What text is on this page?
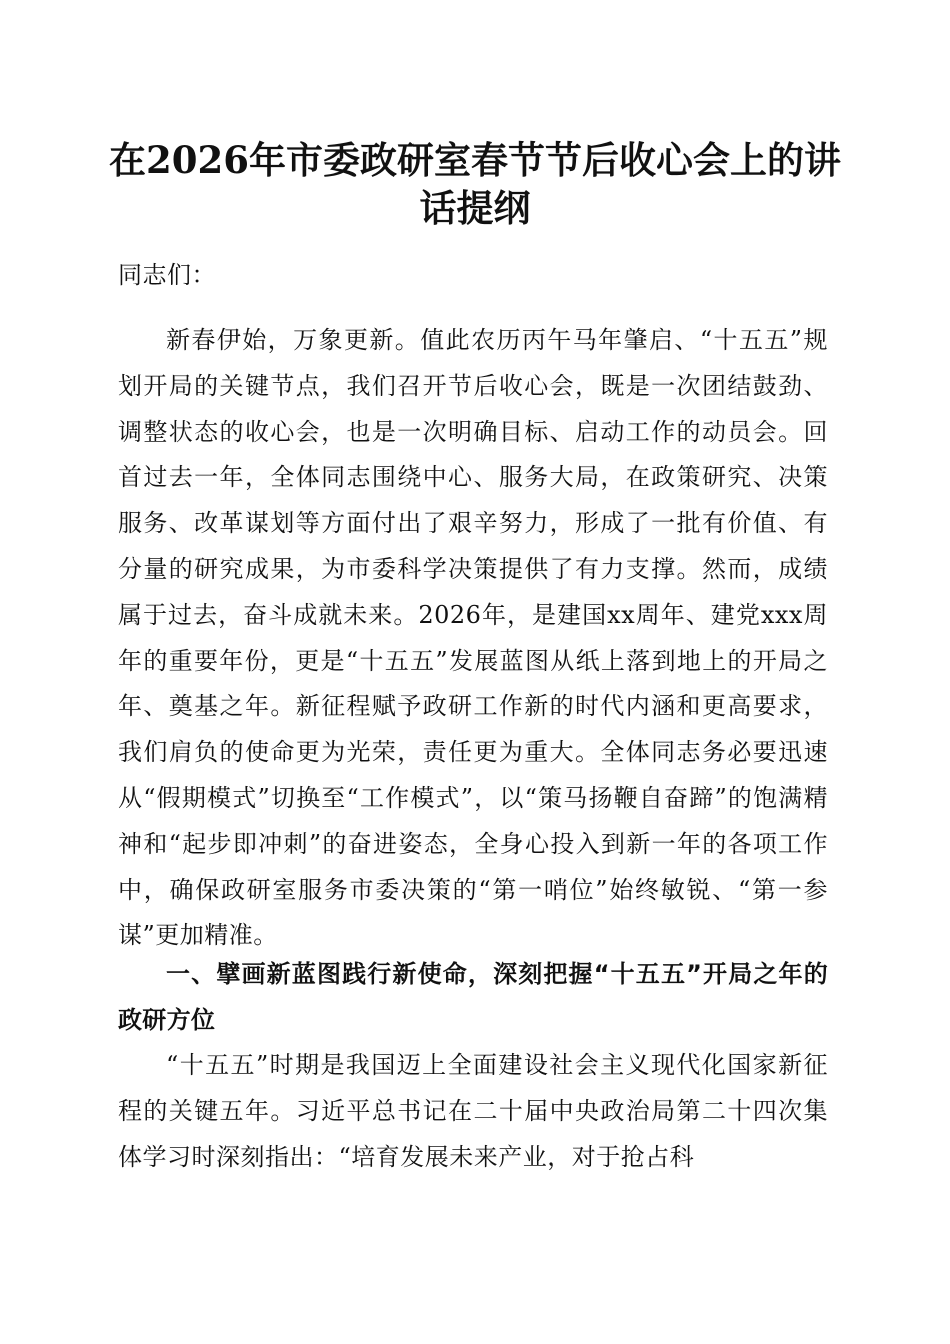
在2026年市委政研室春节节后收心会上的讲话提纲

同志们：

新春伊始，万象更新。值此农历丙午马年肇启、“十五五”规划开局的关键节点，我们召开节后收心会，既是一次团结鼓劲、调整状态的收心会，也是一次明确目标、启动工作的动员会。回首过去一年，全体同志围绕中心、服务大局，在政策研究、决策服务、改革谋划等方面付出了艰辛努力，形成了一批有价值、有分量的研究成果，为市委科学决策提供了有力支撑。然而，成绩属于过去，奋斗成就未来。2026年，是建国xx周年、建党xxx周年的重要年份，更是“十五五”发展蓝图从纸上落到地上的开局之年、奠基之年。新征程赋予政研工作新的时代内涵和更高要求，我们肩负的使命更为光荣，责任更为重大。全体同志务必要迅速从“假期模式”切换至“工作模式”，以“策马扬鞭自奋蹄”的饱满精神和“起步即冲刺”的奋进姿态，全身心投入到新一年的各项工作中，确保政研室服务市委决策的“第一哨位”始终敏锐、“第一参谋”更加精准。

一、擘画新蓝图践行新使命，深刻把握“十五五”开局之年的政研方位

“十五五”时期是我国迈上全面建设社会主义现代化国家新征程的关键五年。习近平总书记在二十届中央政治局第二十四次集体学习时深刻指出：“培育发展未来产业，对于抢占科
